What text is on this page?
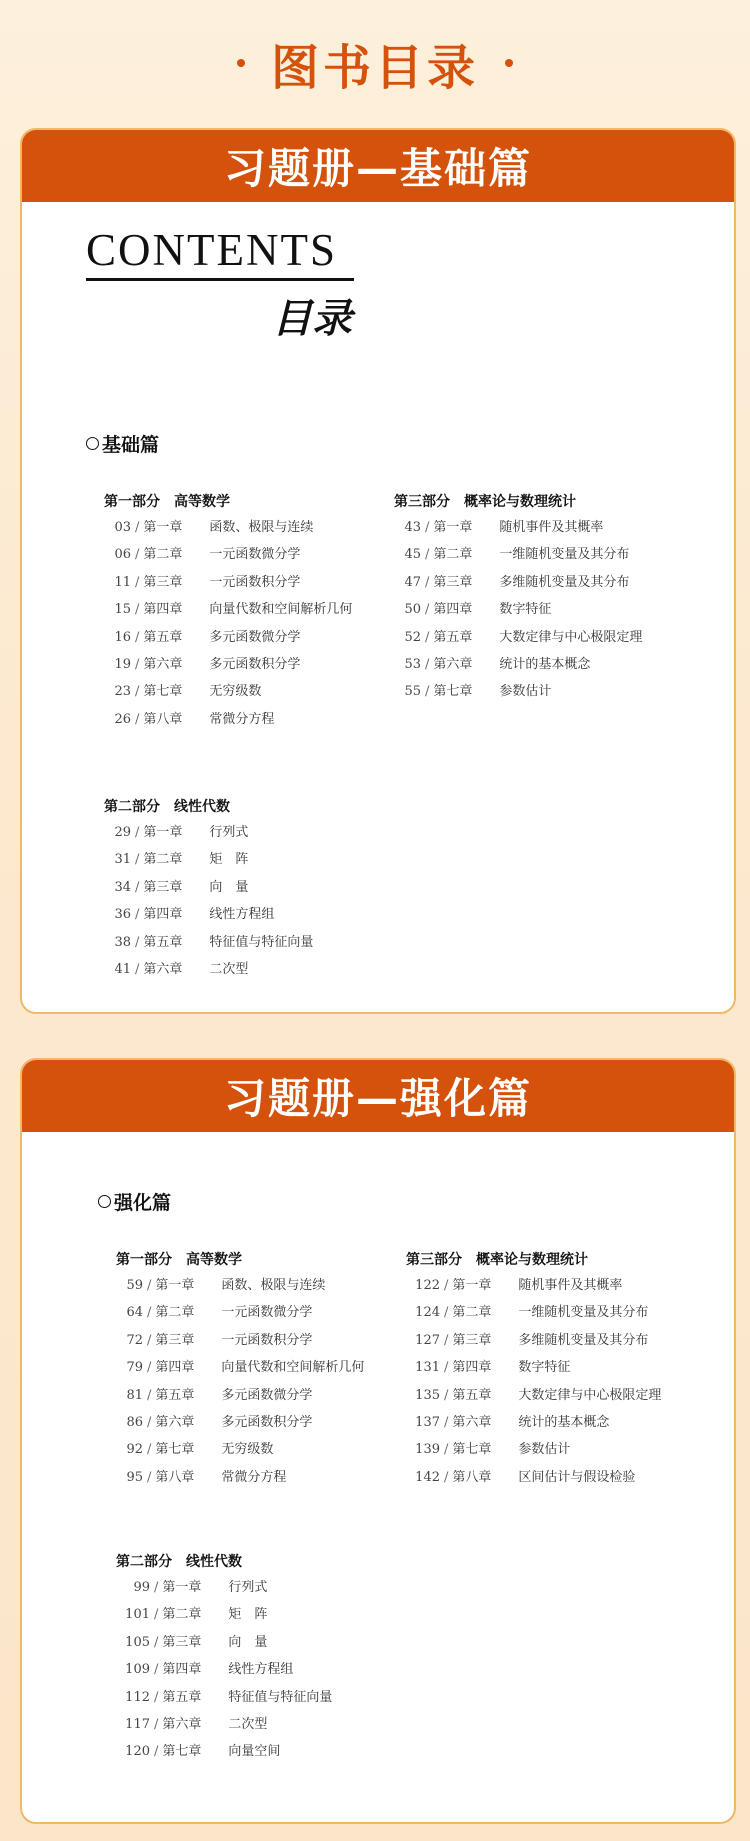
图书目录
习题册—基础篇
CONTENTS
目录
基础篇
第一部分　高等数学
03 / 第一章 函数、极限与连续
06 / 第二章 一元函数微分学
11 / 第三章 一元函数积分学
15 / 第四章 向量代数和空间解析几何
16 / 第五章 多元函数微分学
19 / 第六章 多元函数积分学
23 / 第七章 无穷级数
26 / 第八章 常微分方程
第二部分　线性代数
29 / 第一章 行列式
31 / 第二章 矩　阵
34 / 第三章 向　量
36 / 第四章 线性方程组
38 / 第五章 特征值与特征向量
41 / 第六章 二次型
第三部分　概率论与数理统计
43 / 第一章 随机事件及其概率
45 / 第二章 一维随机变量及其分布
47 / 第三章 多维随机变量及其分布
50 / 第四章 数字特征
52 / 第五章 大数定律与中心极限定理
53 / 第六章 统计的基本概念
55 / 第七章 参数估计
习题册—强化篇
强化篇
第一部分　高等数学
59 / 第一章 函数、极限与连续
64 / 第二章 一元函数微分学
72 / 第三章 一元函数积分学
79 / 第四章 向量代数和空间解析几何
81 / 第五章 多元函数微分学
86 / 第六章 多元函数积分学
92 / 第七章 无穷级数
95 / 第八章 常微分方程
第二部分　线性代数
99 / 第一章 行列式
101 / 第二章 矩　阵
105 / 第三章 向　量
109 / 第四章 线性方程组
112 / 第五章 特征值与特征向量
117 / 第六章 二次型
120 / 第七章 向量空间
第三部分　概率论与数理统计
122 / 第一章 随机事件及其概率
124 / 第二章 一维随机变量及其分布
127 / 第三章 多维随机变量及其分布
131 / 第四章 数字特征
135 / 第五章 大数定律与中心极限定理
137 / 第六章 统计的基本概念
139 / 第七章 参数估计
142 / 第八章 区间估计与假设检验
